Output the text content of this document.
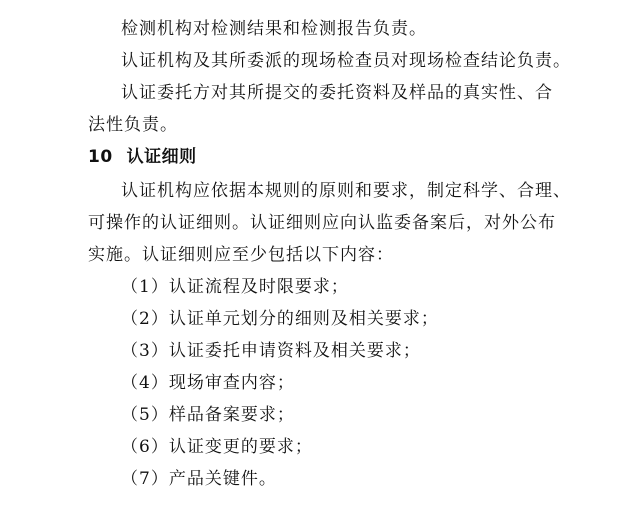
检测机构对检测结果和检测报告负责。
认证机构及其所委派的现场检查员对现场检查结论负责。
认证委托方对其所提交的委托资料及样品的真实性、合
法性负责。
10 认证细则
认证机构应依据本规则的原则和要求，制定科学、合理、
可操作的认证细则。认证细则应向认监委备案后，对外公布
实施。认证细则应至少包括以下内容：
（1）认证流程及时限要求；
（2）认证单元划分的细则及相关要求；
（3）认证委托申请资料及相关要求；
（4）现场审查内容；
（5）样品备案要求；
（6）认证变更的要求；
（7）产品关键件。
